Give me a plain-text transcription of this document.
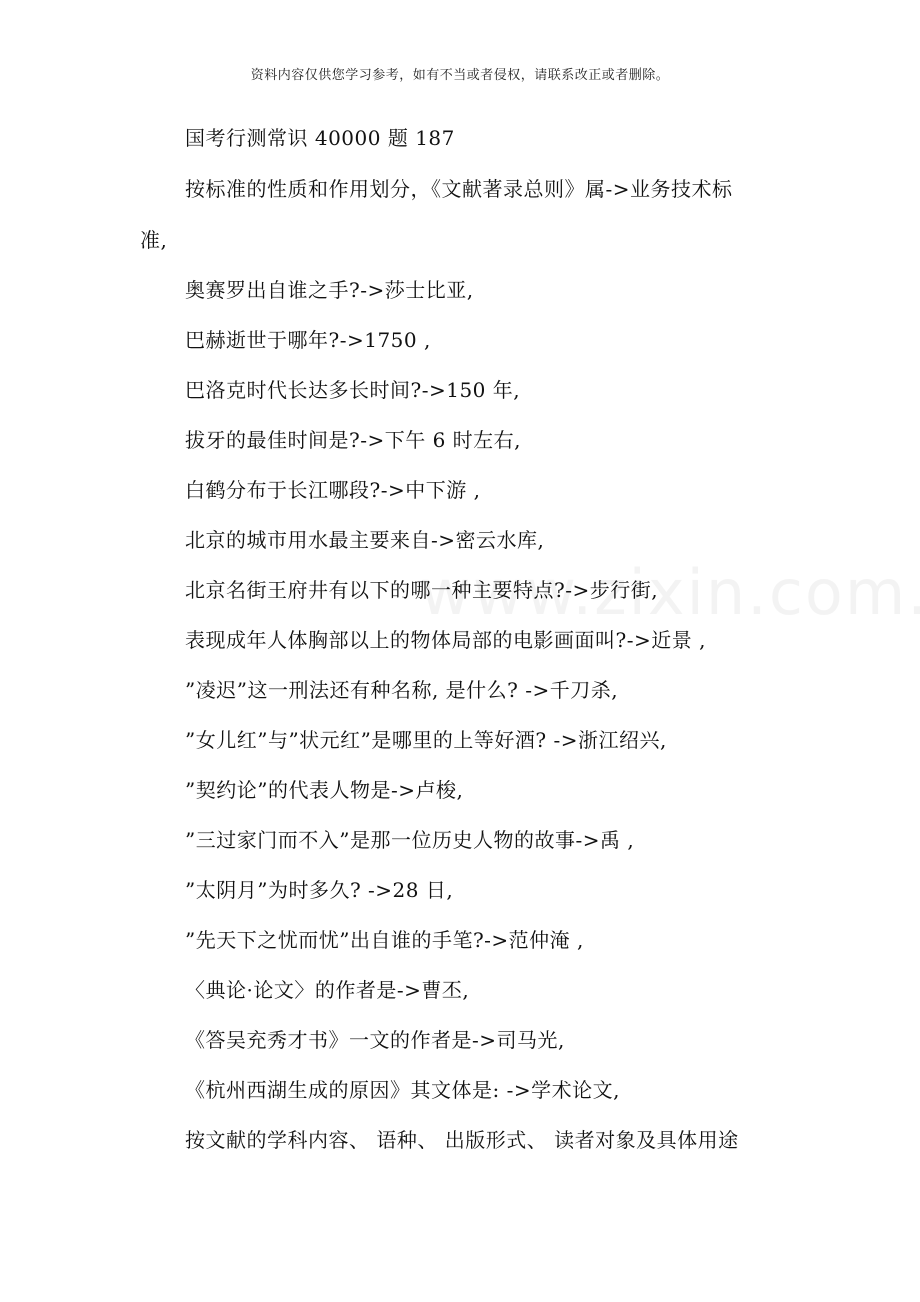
资料内容仅供您学习参考，如有不当或者侵权，请联系改正或者删除。
国考行测常识 40000 题 187
按标准的性质和作用划分，《文献著录总则》属->业务技术标
准,
奥赛罗出自谁之手?->莎士比亚,
巴赫逝世于哪年?->1750 ,
巴洛克时代长达多长时间?->150 年,
拔牙的最佳时间是?->下午 6 时左右,
白鹤分布于长江哪段?->中下游 ,
北京的城市用水最主要来自->密云水库,
北京名街王府井有以下的哪一种主要特点?->步行街,
表现成年人体胸部以上的物体局部的电影画面叫?->近景 ,
”凌迟”这一刑法还有种名称, 是什么? ->千刀杀,
”女儿红”与”状元红”是哪里的上等好酒? ->浙江绍兴,
”契约论”的代表人物是->卢梭,
”三过家门而不入”是那一位历史人物的故事->禹 ,
”太阴月”为时多久? ->28 日,
”先天下之忧而忧”出自谁的手笔?->范仲淹 ,
〈典论·论文〉的作者是->曹丕,
《答吴充秀才书》一文的作者是->司马光,
《杭州西湖生成的原因》其文体是: ->学术论文,
按文献的学科内容、 语种、 出版形式、 读者对象及具体用途
